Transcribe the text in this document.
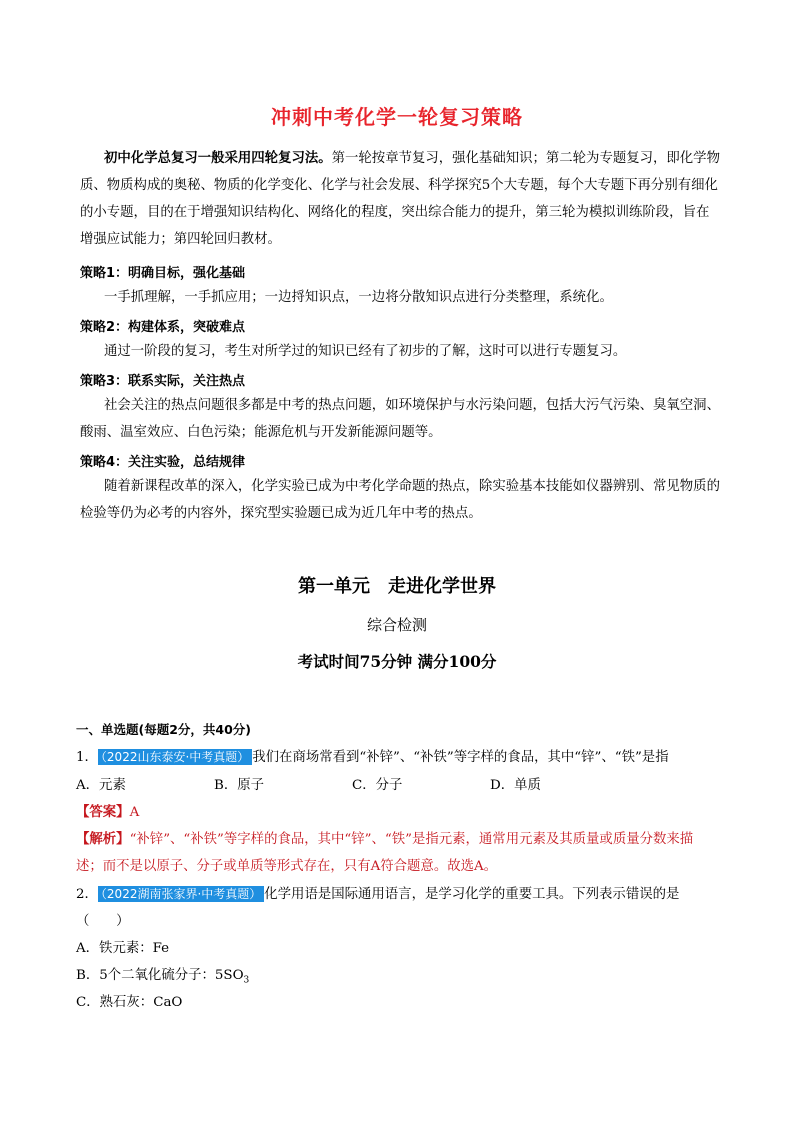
冲刺中考化学一轮复习策略
初中化学总复习一般采用四轮复习法。第一轮按章节复习，强化基础知识；第二轮为专题复习，即化学物质、物质构成的奥秘、物质的化学变化、化学与社会发展、科学探究5个大专题，每个大专题下再分别有细化的小专题，目的在于增强知识结构化、网络化的程度，突出综合能力的提升，第三轮为模拟训练阶段，旨在增强应试能力；第四轮回归教材。
策略1：明确目标，强化基础
一手抓理解，一手抓应用；一边捋知识点，一边将分散知识点进行分类整理，系统化。
策略2：构建体系，突破难点
通过一阶段的复习，考生对所学过的知识已经有了初步的了解，这时可以进行专题复习。
策略3：联系实际，关注热点
社会关注的热点问题很多都是中考的热点问题，如环境保护与水污染问题，包括大污气污染、臭氧空洞、酸雨、温室效应、白色污染；能源危机与开发新能源问题等。
策略4：关注实验，总结规律
随着新课程改革的深入，化学实验已成为中考化学命题的热点，除实验基本技能如仪器辨别、常见物质的检验等仍为必考的内容外，探究型实验题已成为近几年中考的热点。
第一单元　走进化学世界
综合检测
考试时间75分钟 满分100分
一、单选题(每题2分，共40分)
1． （2022山东泰安·中考真题） 我们在商场常看到“补锌”、“补铁”等字样的食品，其中“锌”、“铁”是指
A．元素	B．原子	C．分子	D．单质
【答案】A
【解析】“补锌”、“补铁”等字样的食品，其中“锌”、“铁”是指元素，通常用元素及其质量或质量分数来描
述；而不是以原子、分子或单质等形式存在，只有A符合题意。故选A。
2． （2022湖南张家界·中考真题） 化学用语是国际通用语言，是学习化学的重要工具。下列表示错误的是
（　　）
A．铁元素：Fe
B．5个二氧化硫分子：$5SO_3$
C．熟石灰：CaO
